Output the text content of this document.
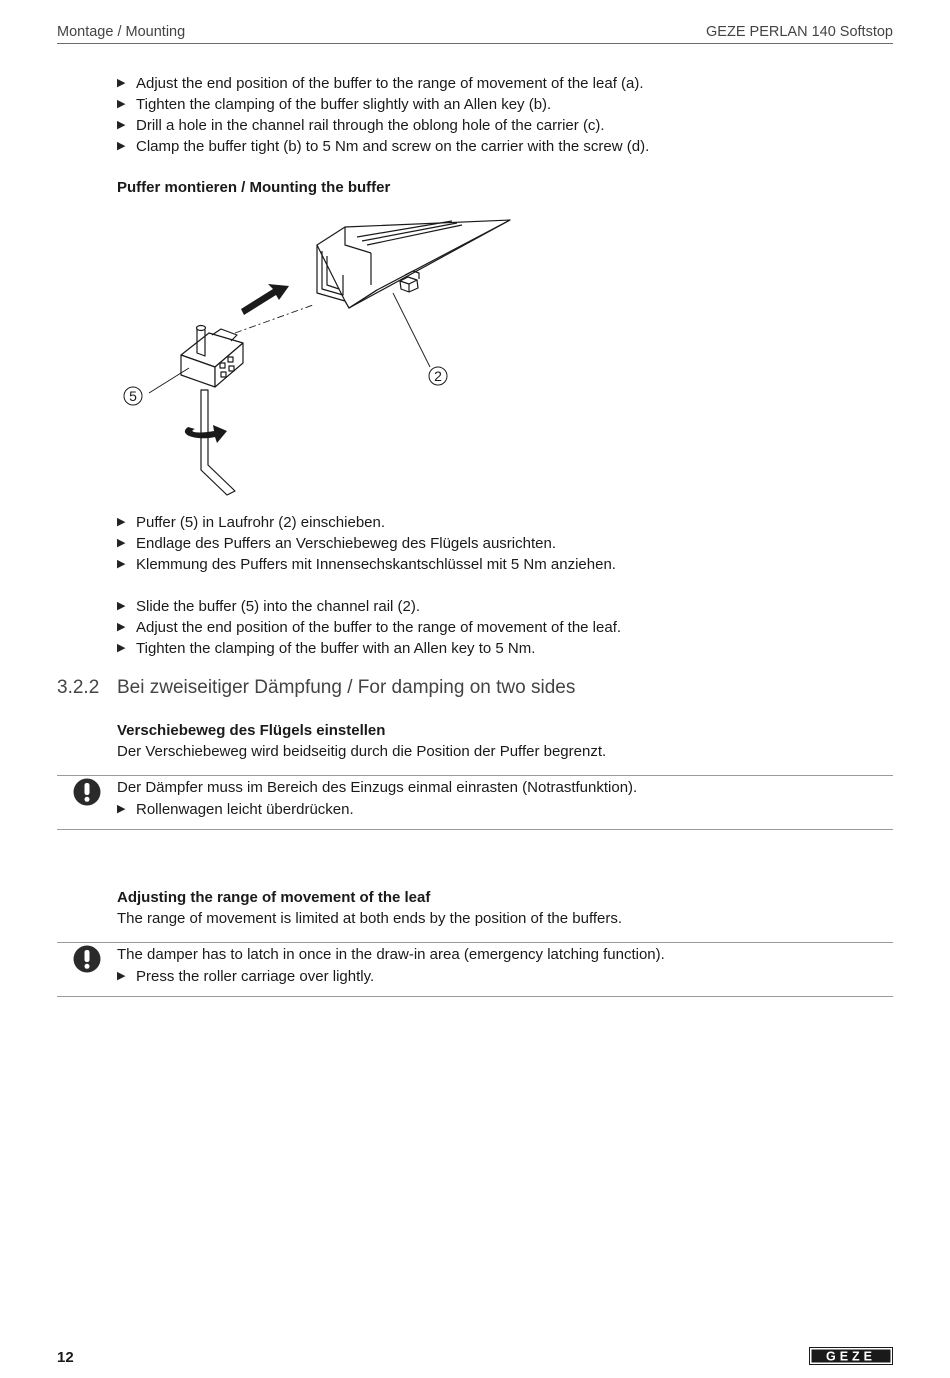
Montage / Mounting	GEZE PERLAN 140 Softstop
▶ Adjust the end position of the buffer to the range of movement of the leaf (a).
▶ Tighten the clamping of the buffer slightly with an Allen key (b).
▶ Drill a hole in the channel rail through the oblong hole of the carrier (c).
▶ Clamp the buffer tight (b) to 5 Nm and screw on the carrier with the screw (d).
Puffer montieren / Mounting the buffer
2
5
▶ Puffer (5) in Laufrohr (2) einschieben.
▶ Endlage des Puffers an Verschiebeweg des Flügels ausrichten.
▶ Klemmung des Puffers mit Innensechskantschlüssel mit 5 Nm anziehen.
▶ Slide the buffer (5) into the channel rail (2).
▶ Adjust the end position of the buffer to the range of movement of the leaf.
▶ Tighten the clamping of the buffer with an Allen key to 5 Nm.
3.2.2 Bei zweiseitiger Dämpfung / For damping on two sides
Verschiebeweg des Flügels einstellen
Der Verschiebeweg wird beidseitig durch die Position der Puffer begrenzt.
Der Dämpfer muss im Bereich des Einzugs einmal einrasten (Notrastfunktion).
▶ Rollenwagen leicht überdrücken.
Adjusting the range of movement of the leaf
The range of movement is limited at both ends by the position of the buffers.
The damper has to latch in once in the draw-in area (emergency latching function).
▶ Press the roller carriage over lightly.
12	GEZE
